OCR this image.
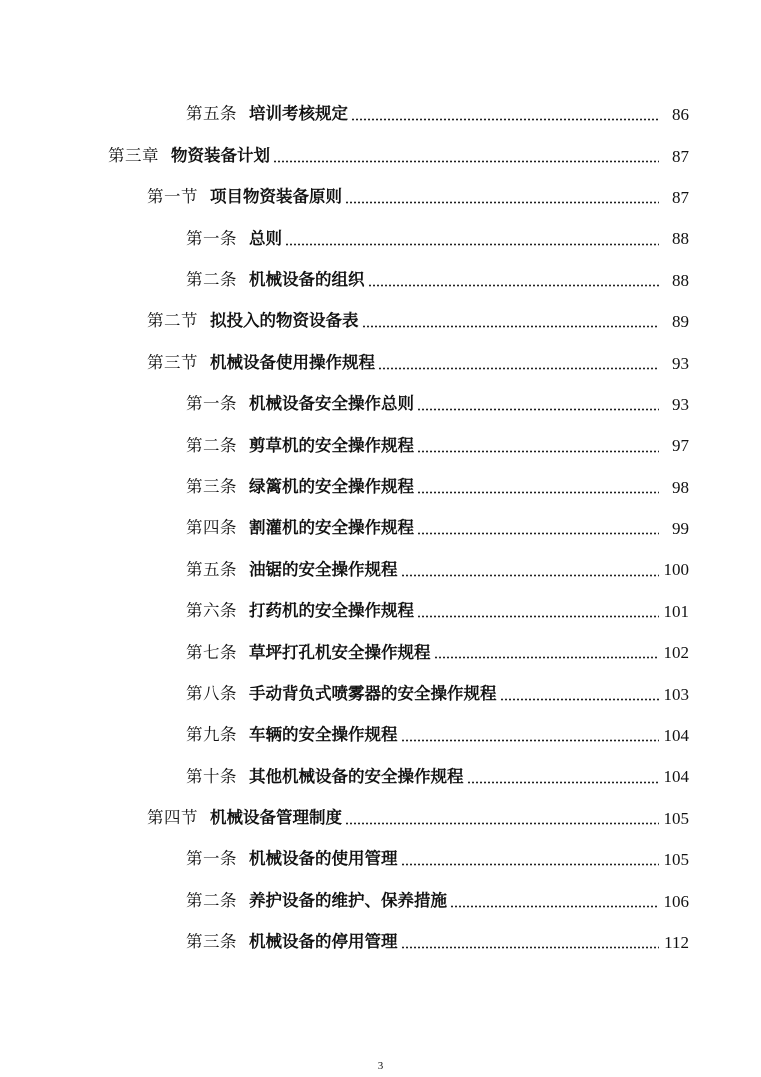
第五条 培训考核规定	86
第三章 物资装备计划	87
第一节 项目物资装备原则	87
第一条 总则	88
第二条 机械设备的组织	88
第二节 拟投入的物资设备表	89
第三节 机械设备使用操作规程	93
第一条 机械设备安全操作总则	93
第二条 剪草机的安全操作规程	97
第三条 绿篱机的安全操作规程	98
第四条 割灌机的安全操作规程	99
第五条 油锯的安全操作规程	100
第六条 打药机的安全操作规程	101
第七条 草坪打孔机安全操作规程	102
第八条 手动背负式喷雾器的安全操作规程	103
第九条 车辆的安全操作规程	104
第十条 其他机械设备的安全操作规程	104
第四节 机械设备管理制度	105
第一条 机械设备的使用管理	105
第二条 养护设备的维护、保养措施	106
第三条 机械设备的停用管理	112
3
